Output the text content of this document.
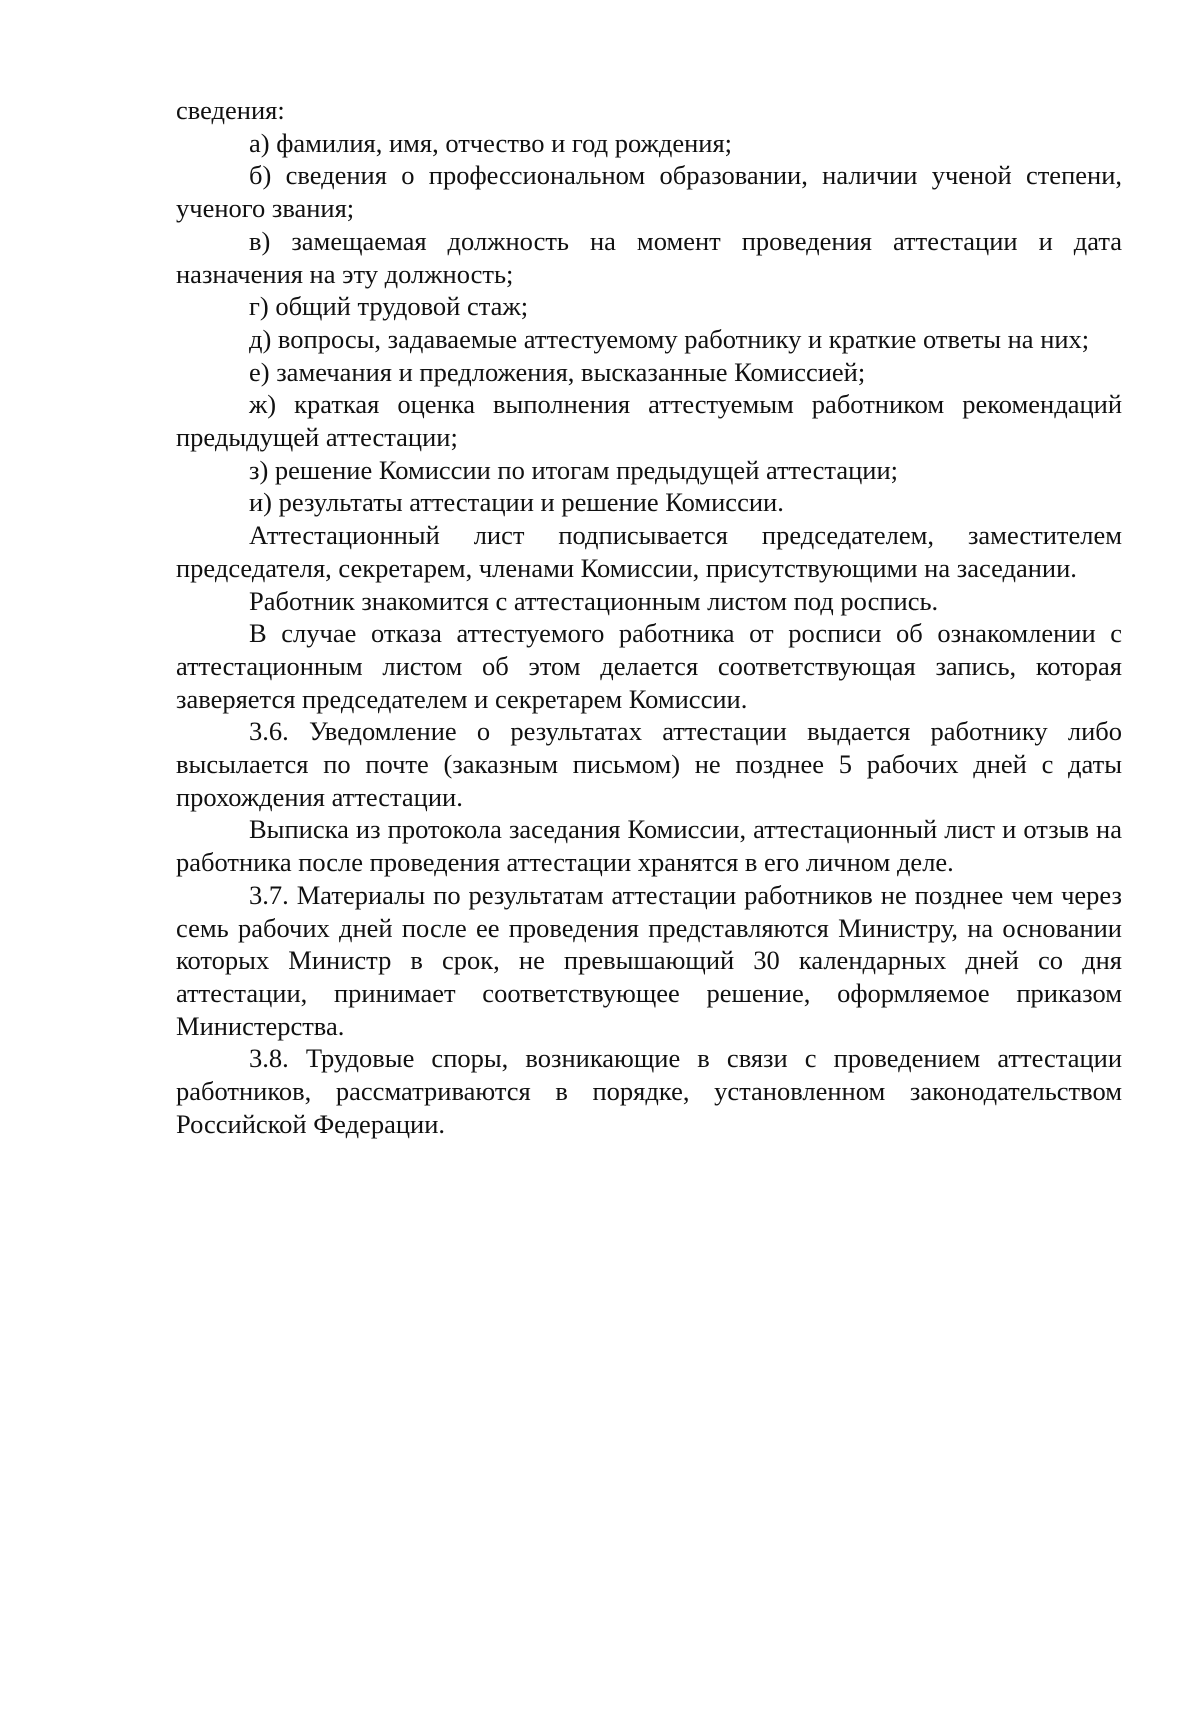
сведения:

а) фамилия, имя, отчество и год рождения;

б) сведения о профессиональном образовании, наличии ученой степени, ученого звания;

в) замещаемая должность на момент проведения аттестации и дата назначения на эту должность;

г) общий трудовой стаж;

д) вопросы, задаваемые аттестуемому работнику и краткие ответы на них;

е) замечания и предложения, высказанные Комиссией;

ж) краткая оценка выполнения аттестуемым работником рекомендаций предыдущей аттестации;

з) решение Комиссии по итогам предыдущей аттестации;

и) результаты аттестации и решение Комиссии.

Аттестационный лист подписывается председателем, заместителем председателя, секретарем, членами Комиссии, присутствующими на заседании.

Работник знакомится с аттестационным листом под роспись.

В случае отказа аттестуемого работника от росписи об ознакомлении с аттестационным листом об этом делается соответствующая запись, которая заверяется председателем и секретарем Комиссии.

3.6. Уведомление о результатах аттестации выдается работнику либо высылается по почте (заказным письмом) не позднее 5 рабочих дней с даты прохождения аттестации.

Выписка из протокола заседания Комиссии, аттестационный лист и отзыв на работника после проведения аттестации хранятся в его личном деле.

3.7. Материалы по результатам аттестации работников не позднее чем через семь рабочих дней после ее проведения представляются Министру, на основании которых Министр в срок, не превышающий 30 календарных дней со дня аттестации, принимает соответствующее решение, оформляемое приказом Министерства.

3.8. Трудовые споры, возникающие в связи с проведением аттестации работников, рассматриваются в порядке, установленном законодательством Российской Федерации.
